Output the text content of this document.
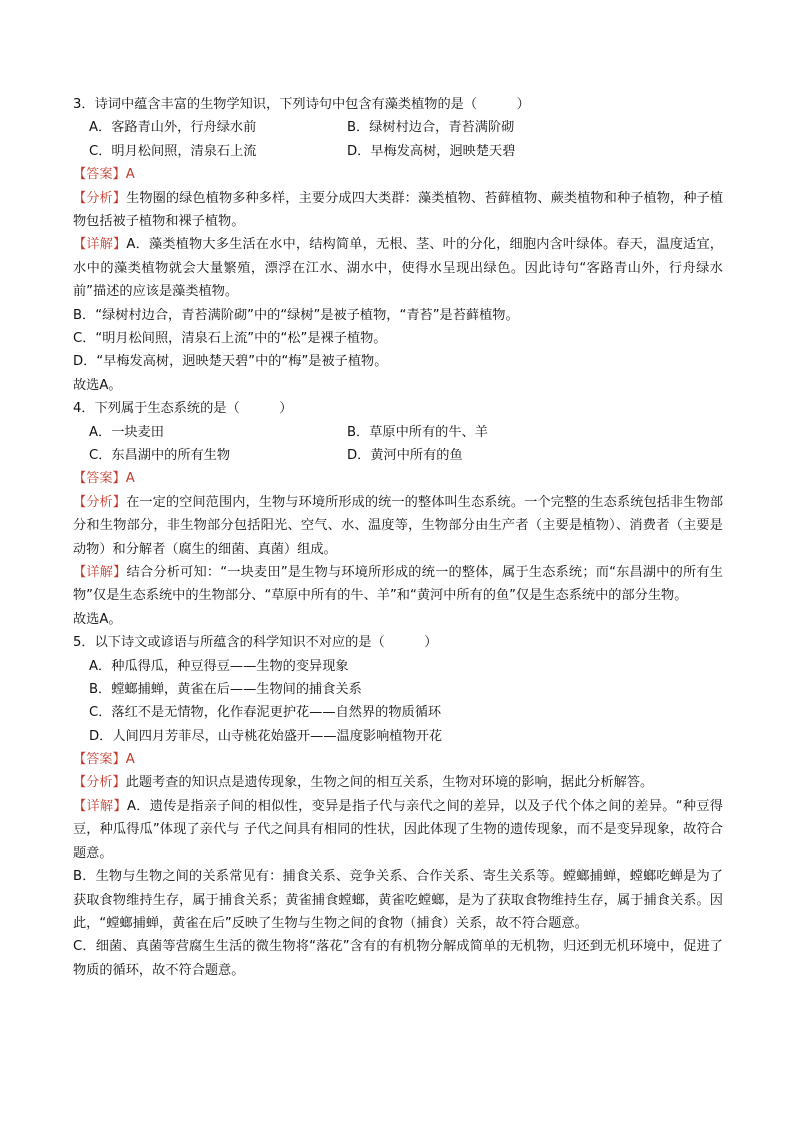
3．诗词中蕴含丰富的生物学知识，下列诗句中包含有藻类植物的是（　　　）
A．客路青山外，行舟绿水前	B．绿树村边合，青苔满阶砌
C．明月松间照，清泉石上流	D．早梅发高树，迥映楚天碧
【答案】A
【分析】生物圈的绿色植物多种多样，主要分成四大类群：藻类植物、苔藓植物、蕨类植物和种子植物，种子植物包括被子植物和裸子植物。
【详解】A．藻类植物大多生活在水中，结构简单，无根、茎、叶的分化，细胞内含叶绿体。春天，温度适宜，水中的藻类植物就会大量繁殖，漂浮在江水、湖水中，使得水呈现出绿色。因此诗句“客路青山外，行舟绿水前”描述的应该是藻类植物。
B．“绿树村边合，青苔满阶砌”中的“绿树”是被子植物，“青苔”是苔藓植物。
C．“明月松间照，清泉石上流”中的“松”是裸子植物。
D．“早梅发高树，迥映楚天碧”中的“梅”是被子植物。
故选A。
4．下列属于生态系统的是（　　　）
A．一块麦田	B．草原中所有的牛、羊
C．东昌湖中的所有生物	D．黄河中所有的鱼
【答案】A
【分析】在一定的空间范围内，生物与环境所形成的统一的整体叫生态系统。一个完整的生态系统包括非生物部分和生物部分，非生物部分包括阳光、空气、水、温度等，生物部分由生产者（主要是植物）、消费者（主要是动物）和分解者（腐生的细菌、真菌）组成。
【详解】结合分析可知：“一块麦田”是生物与环境所形成的统一的整体，属于生态系统；而“东昌湖中的所有生物”仅是生态系统中的生物部分、“草原中所有的牛、羊”和“黄河中所有的鱼”仅是生态系统中的部分生物。
故选A。
5．以下诗文或谚语与所蕴含的科学知识不对应的是（　　　）
A．种瓜得瓜，种豆得豆——生物的变异现象
B．螳螂捕蝉，黄雀在后——生物间的捕食关系
C．落红不是无情物，化作春泥更护花——自然界的物质循环
D．人间四月芳菲尽，山寺桃花始盛开——温度影响植物开花
【答案】A
【分析】此题考查的知识点是遗传现象，生物之间的相互关系，生物对环境的影响，据此分析解答。
【详解】A．遗传是指亲子间的相似性，变异是指子代与亲代之间的差异，以及子代个体之间的差异。“种豆得豆，种瓜得瓜”体现了亲代与 子代之间具有相同的性状，因此体现了生物的遗传现象，而不是变异现象，故符合题意。
B．生物与生物之间的关系常见有：捕食关系、竞争关系、合作关系、寄生关系等。螳螂捕蝉，螳螂吃蝉是为了获取食物维持生存，属于捕食关系；黄雀捕食螳螂，黄雀吃螳螂，是为了获取食物维持生存，属于捕食关系。因此，“螳螂捕蝉，黄雀在后”反映了生物与生物之间的食物（捕食）关系，故不符合题意。
C．细菌、真菌等营腐生生活的微生物将“落花”含有的有机物分解成简单的无机物，归还到无机环境中，促进了物质的循环，故不符合题意。
